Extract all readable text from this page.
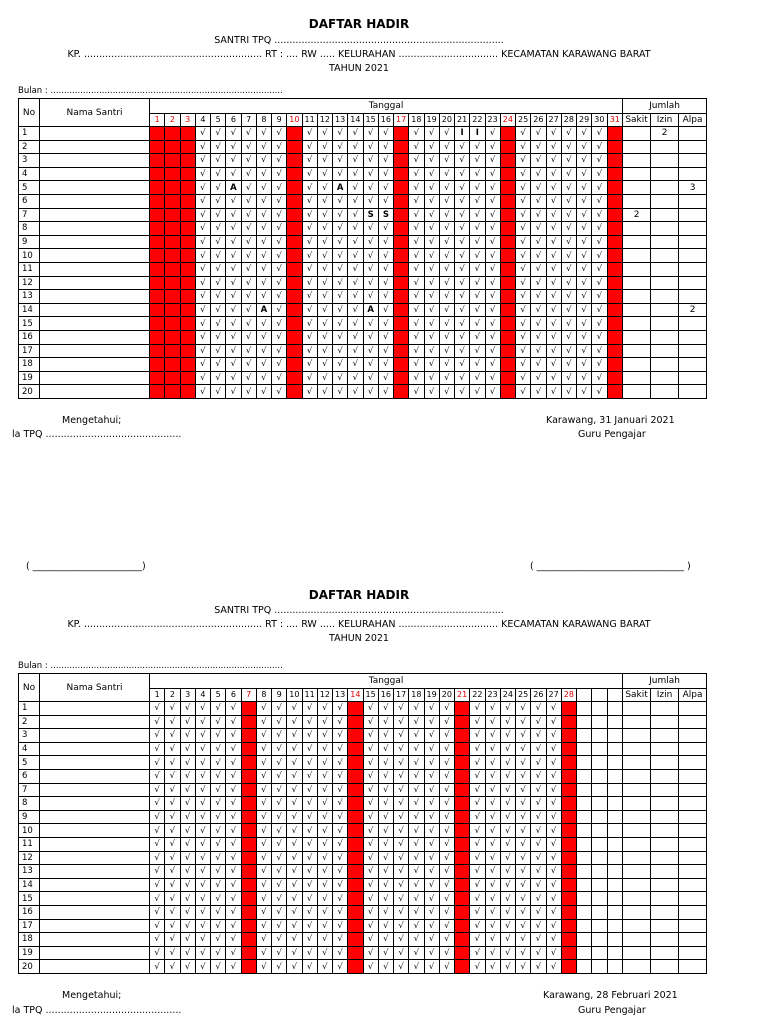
DAFTAR HADIR
SANTRI TPQ ............................................................................
KP. ........................................................... RT : .... RW ..... KELURAHAN ................................. KECAMATAN KARAWANG BARAT
TAHUN 2021
Bulan : ......................................................................................
No	Nama Santri	Tanggal																															Jumlah		
		1	2	3	4	5	6	7	8	9	10	11	12	13	14	15	16	17	18	19	20	21	22	23	24	25	26	27	28	29	30	31	Sakit	Izin	Alpa
1					√	√	√	√	√	√		√	√	√	√	√	√		√	√	√	I	I	√		√	√	√	√	√	√			2	
2					√	√	√	√	√	√		√	√	√	√	√	√		√	√	√	√	√	√		√	√	√	√	√	√				
3					√	√	√	√	√	√		√	√	√	√	√	√		√	√	√	√	√	√		√	√	√	√	√	√				
4					√	√	√	√	√	√		√	√	√	√	√	√		√	√	√	√	√	√		√	√	√	√	√	√				
5					√	√	A	√	√	√		√	√	A	√	√	√		√	√	√	√	√	√		√	√	√	√	√	√				3
6					√	√	√	√	√	√		√	√	√	√	√	√		√	√	√	√	√	√		√	√	√	√	√	√				
7					√	√	√	√	√	√		√	√	√	√	S	S		√	√	√	√	√	√		√	√	√	√	√	√		2		
8					√	√	√	√	√	√		√	√	√	√	√	√		√	√	√	√	√	√		√	√	√	√	√	√				
9					√	√	√	√	√	√		√	√	√	√	√	√		√	√	√	√	√	√		√	√	√	√	√	√				
10					√	√	√	√	√	√		√	√	√	√	√	√		√	√	√	√	√	√		√	√	√	√	√	√				
11					√	√	√	√	√	√		√	√	√	√	√	√		√	√	√	√	√	√		√	√	√	√	√	√				
12					√	√	√	√	√	√		√	√	√	√	√	√		√	√	√	√	√	√		√	√	√	√	√	√				
13					√	√	√	√	√	√		√	√	√	√	√	√		√	√	√	√	√	√		√	√	√	√	√	√				
14					√	√	√	√	A	√		√	√	√	√	A	√		√	√	√	√	√	√		√	√	√	√	√	√				2
15					√	√	√	√	√	√		√	√	√	√	√	√		√	√	√	√	√	√		√	√	√	√	√	√				
16					√	√	√	√	√	√		√	√	√	√	√	√		√	√	√	√	√	√		√	√	√	√	√	√				
17					√	√	√	√	√	√		√	√	√	√	√	√		√	√	√	√	√	√		√	√	√	√	√	√				
18					√	√	√	√	√	√		√	√	√	√	√	√		√	√	√	√	√	√		√	√	√	√	√	√				
19					√	√	√	√	√	√		√	√	√	√	√	√		√	√	√	√	√	√		√	√	√	√	√	√				
20					√	√	√	√	√	√		√	√	√	√	√	√		√	√	√	√	√	√		√	√	√	√	√	√				
Mengetahui;
la TPQ .............................................
Karawang, 31 Januari 2021
Guru Pengajar
( _______________________)	( _______________________________ )
DAFTAR HADIR
SANTRI TPQ ............................................................................
KP. ........................................................... RT : .... RW ..... KELURAHAN ................................. KECAMATAN KARAWANG BARAT
TAHUN 2021
Bulan : ......................................................................................
No	Nama Santri	Tanggal																															Jumlah		
		1	2	3	4	5	6	7	8	9	10	11	12	13	14	15	16	17	18	19	20	21	22	23	24	25	26	27	28				Sakit	Izin	Alpa
1		√	√	√	√	√	√		√	√	√	√	√	√		√	√	√	√	√	√		√	√	√	√	√	√							
2		√	√	√	√	√	√		√	√	√	√	√	√		√	√	√	√	√	√		√	√	√	√	√	√							
3		√	√	√	√	√	√		√	√	√	√	√	√		√	√	√	√	√	√		√	√	√	√	√	√							
4		√	√	√	√	√	√		√	√	√	√	√	√		√	√	√	√	√	√		√	√	√	√	√	√							
5		√	√	√	√	√	√		√	√	√	√	√	√		√	√	√	√	√	√		√	√	√	√	√	√							
6		√	√	√	√	√	√		√	√	√	√	√	√		√	√	√	√	√	√		√	√	√	√	√	√							
7		√	√	√	√	√	√		√	√	√	√	√	√		√	√	√	√	√	√		√	√	√	√	√	√							
8		√	√	√	√	√	√		√	√	√	√	√	√		√	√	√	√	√	√		√	√	√	√	√	√							
9		√	√	√	√	√	√		√	√	√	√	√	√		√	√	√	√	√	√		√	√	√	√	√	√							
10		√	√	√	√	√	√		√	√	√	√	√	√		√	√	√	√	√	√		√	√	√	√	√	√							
11		√	√	√	√	√	√		√	√	√	√	√	√		√	√	√	√	√	√		√	√	√	√	√	√							
12		√	√	√	√	√	√		√	√	√	√	√	√		√	√	√	√	√	√		√	√	√	√	√	√							
13		√	√	√	√	√	√		√	√	√	√	√	√		√	√	√	√	√	√		√	√	√	√	√	√							
14		√	√	√	√	√	√		√	√	√	√	√	√		√	√	√	√	√	√		√	√	√	√	√	√							
15		√	√	√	√	√	√		√	√	√	√	√	√		√	√	√	√	√	√		√	√	√	√	√	√							
16		√	√	√	√	√	√		√	√	√	√	√	√		√	√	√	√	√	√		√	√	√	√	√	√							
17		√	√	√	√	√	√		√	√	√	√	√	√		√	√	√	√	√	√		√	√	√	√	√	√							
18		√	√	√	√	√	√		√	√	√	√	√	√		√	√	√	√	√	√		√	√	√	√	√	√							
19		√	√	√	√	√	√		√	√	√	√	√	√		√	√	√	√	√	√		√	√	√	√	√	√							
20		√	√	√	√	√	√		√	√	√	√	√	√		√	√	√	√	√	√		√	√	√	√	√	√							
Mengetahui;
la TPQ .............................................
Karawang, 28 Februari 2021
Guru Pengajar
